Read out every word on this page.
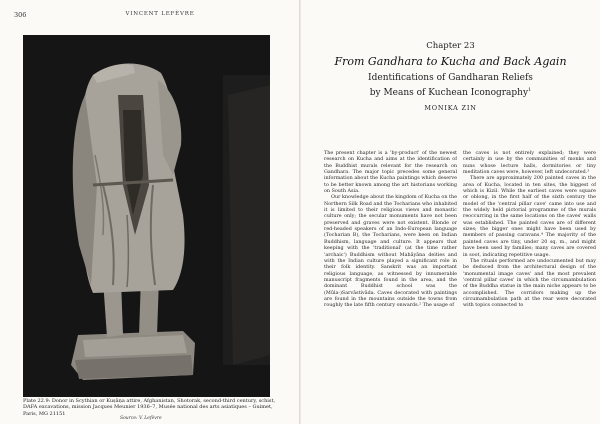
306	VINCENT LEFÈVRE
Plate 22.9: Donor in Scythian or Kuṣāṇa attire, Afghanistan, Shotorak, second-third century, schist, DAFA excavations, mission Jacques Meunier 1936–7, Musée national des arts asiatiques – Guimet, Paris, MG 21151
Source: V. Lefèvre
Chapter 23
From Gandhara to Kucha and Back Again
Identifications of Gandharan Reliefs
by Means of Kuchean Iconography$^1$
MONIKA ZIN

The present chapter is a 'by-product' of the newest research on Kucha and aims at the identification of the Buddhist murals relevant for the research on Gandhara. The major topic precedes some general information about the Kucha paintings which deserve to be better known among the art historians working on South Asia.

Our knowledge about the kingdom of Kucha on the Northern Silk Road and the Tocharians who inhabited it is limited to their religious views and monastic culture only; the secular monuments have not been preserved and graves were not existent. Blonde or red-headed speakers of an Indo-European language (Tocharian B), the Tocharians, were keen on Indian Buddhism, language and culture. It appears that keeping with the 'traditional' (at the time rather 'archaic') Buddhism without Mahāyāna deities and with the Indian culture played a significant role in their folk identity. Sanskrit was an important religious language, as witnessed by innumerable manuscript fragments found in the area, and the dominant Buddhist school was the (Mūla-)Sarvāstivāda. Caves decorated with paintings are found in the mountains outside the towns from roughly the late fifth century onwards.² The usage of

the caves is not entirely explained; they were certainly in use by the communities of monks and nuns whose lecture halls, dormitories or tiny meditation caves were, however, left undecorated.³

There are approximately 200 painted caves in the area of Kucha, located in ten sites, the biggest of which is Kizil. While the earliest caves were square or oblong, in the first half of the sixth century the model of the 'central pillar cave' came into use and the widely held pictorial programme of the murals reoccurring in the same locations on the caves' walls was established. The painted caves are of different sizes; the bigger ones might have been used by members of passing caravans.⁴ The majority of the painted caves are tiny, under 20 sq. m., and might have been used by families; many caves are covered in soot, indicating repetitive usage.

The rituals performed are undocumented but may be deduced from the architectural design of the 'monumental image caves' and the most prevalent 'central pillar caves' in which the circumambulation of the Buddha statue in the main niche appears to be accomplished. The corridors making up the circumambulation path at the rear were decorated with topics connected to
